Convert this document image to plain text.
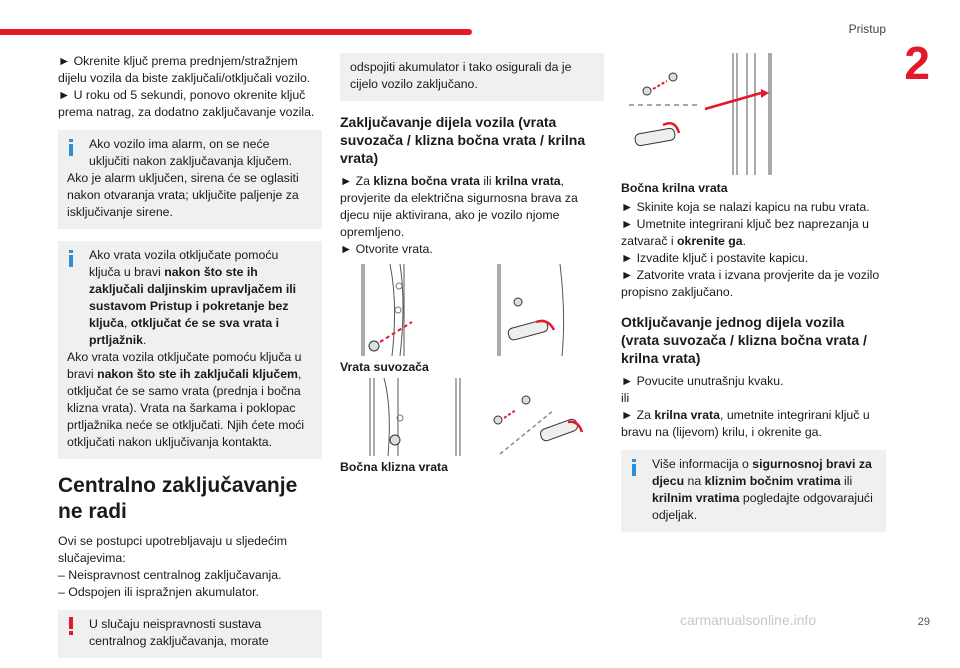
Pristup
2

► Okrenite ključ prema prednjem/stražnjem dijelu vozila da biste zaključali/otključali vozilo.

► U roku od 5 sekundi, ponovo okrenite ključ prema natrag, za dodatno zaključavanje vozila.

Ako vozilo ima alarm, on se neće uključiti nakon zaključavanja ključem.

Ako je alarm uključen, sirena će se oglasiti nakon otvaranja vrata; uključite paljenje za isključivanje sirene.

Ako vrata vozila otključate pomoću ključa u bravi nakon što ste ih zaključali daljinskim upravljačem ili sustavom Pristup i pokretanje bez ključa, otključat će se sva vrata i prtljažnik.

Ako vrata vozila otključate pomoću ključa u bravi nakon što ste ih zaključali ključem, otključat će se samo vrata (prednja i bočna klizna vrata). Vrata na šarkama i poklopac prtljažnika neće se otključati. Njih ćete moći otključati nakon uključivanja kontakta.

Centralno zaključavanje ne radi

Ovi se postupci upotrebljavaju u sljedećim slučajevima:

– Neispravnost centralnog zaključavanja.

– Odspojen ili ispražnjen akumulator.

U slučaju neispravnosti sustava centralnog zaključavanja, morate

odspojiti akumulator i tako osigurali da je cijelo vozilo zaključano.

Zaključavanje dijela vozila (vrata suvozača / klizna bočna vrata / krilna vrata)

► Za klizna bočna vrata ili krilna vrata, provjerite da električna sigurnosna brava za djecu nije aktivirana, ako je vozilo njome opremljeno.

► Otvorite vrata.

Vrata suvozača
Bočna klizna vrata
Bočna krilna vrata

► Skinite koja se nalazi kapicu na rubu vrata.

► Umetnite integrirani ključ bez naprezanja u zatvarač i okrenite ga.

► Izvadite ključ i postavite kapicu.

► Zatvorite vrata i izvana provjerite da je vozilo propisno zaključano.

Otključavanje jednog dijela vozila (vrata suvozača / klizna bočna vrata / krilna vrata)

► Povucite unutrašnju kvaku.

ili

► Za krilna vrata, umetnite integrirani ključ u bravu na (lijevom) krilu, i okrenite ga.

Više informacija o sigurnosnoj bravi za djecu na kliznim bočnim vratima ili krilnim vratima pogledajte odgovarajući odjeljak.

carmanualsonline.info	29
